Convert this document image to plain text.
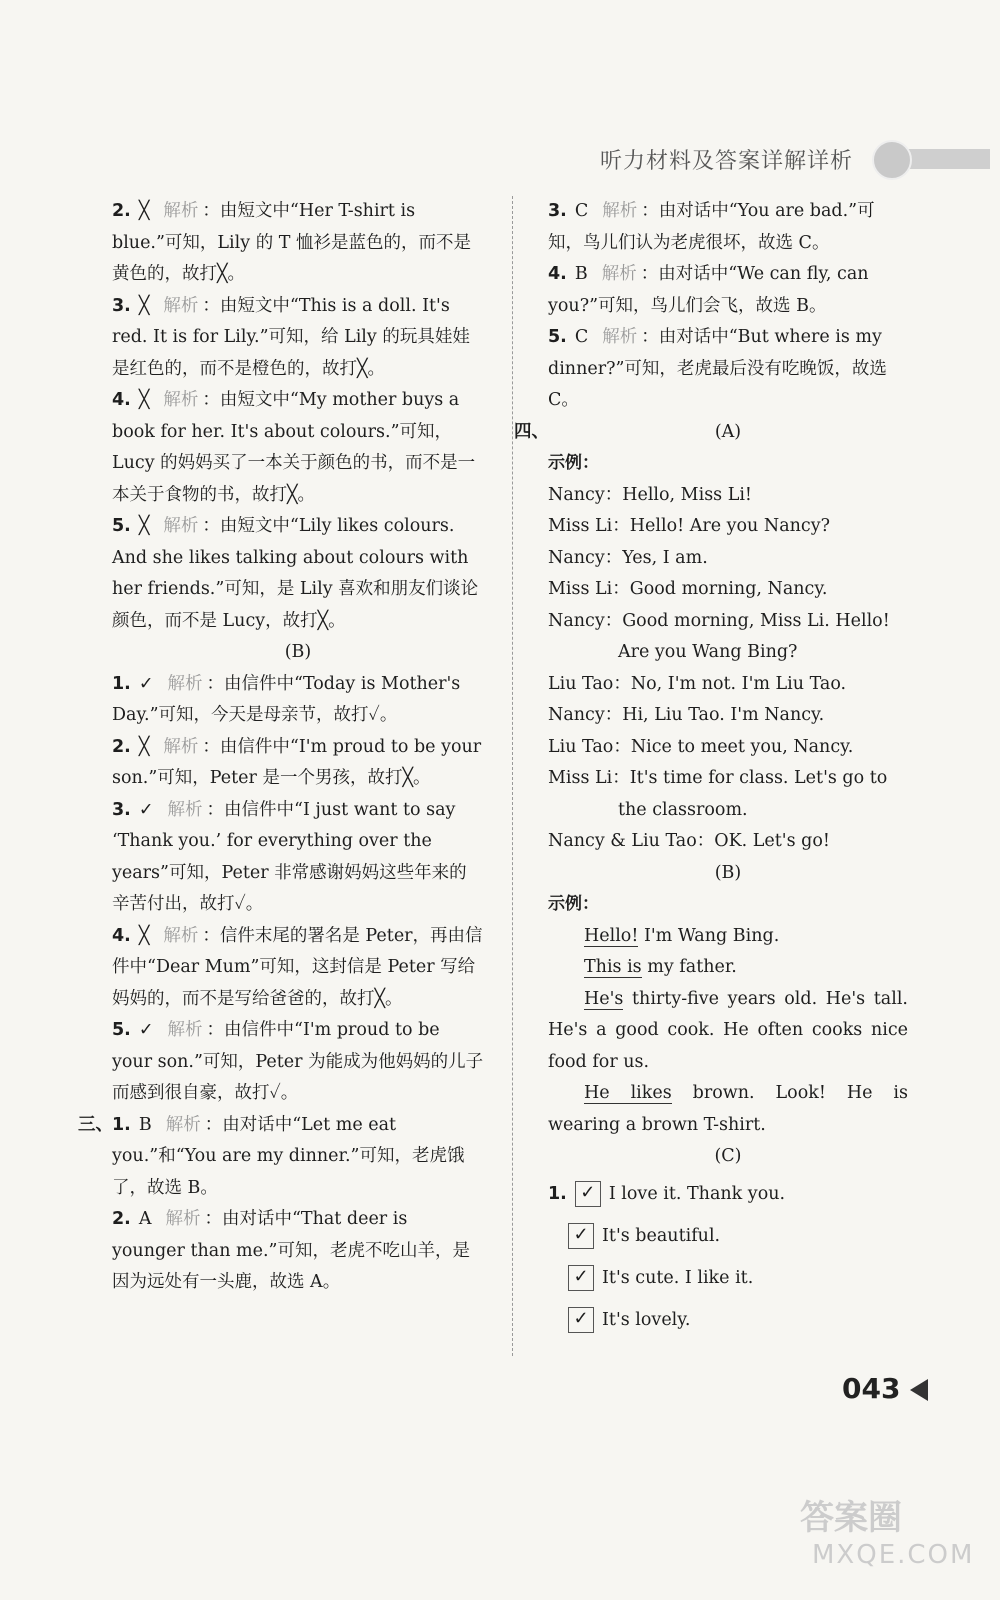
听力材料及答案详解详析

2. ╳ 解析 ：由短文中“Her T-shirt is blue.”可知，Lily 的 T 恤衫是蓝色的，而不是黄色的，故打╳。

3. ╳ 解析 ：由短文中“This is a doll. It's red. It is for Lily.”可知，给 Lily 的玩具娃娃是红色的，而不是橙色的，故打╳。

4. ╳ 解析 ：由短文中“My mother buys a book for her. It's about colours.”可知，Lucy 的妈妈买了一本关于颜色的书，而不是一本关于食物的书，故打╳。

5. ╳ 解析 ：由短文中“Lily likes colours. And she likes talking about colours with her friends.”可知，是 Lily 喜欢和朋友们谈论颜色，而不是 Lucy，故打╳。

(B)

1. ✓ 解析 ：由信件中“Today is Mother's Day.”可知，今天是母亲节，故打✓。

2. ╳ 解析 ：由信件中“I'm proud to be your son.”可知，Peter 是一个男孩，故打╳。

3. ✓ 解析 ：由信件中“I just want to say ‘Thank you.’ for everything over the years”可知，Peter 非常感谢妈妈这些年来的辛苦付出，故打✓。

4. ╳ 解析 ：信件末尾的署名是 Peter，再由信件中“Dear Mum”可知，这封信是 Peter 写给妈妈的，而不是写给爸爸的，故打╳。

5. ✓ 解析 ：由信件中“I'm proud to be your son.”可知，Peter 为能成为他妈妈的儿子而感到很自豪，故打✓。

三、 1. B 解析 ：由对话中“Let me eat you.”和“You are my dinner.”可知，老虎饿了，故选 B。

2. A 解析 ：由对话中“That deer is younger than me.”可知，老虎不吃山羊，是因为远处有一头鹿，故选 A。

3. C 解析 ：由对话中“You are bad.”可知，鸟儿们认为老虎很坏，故选 C。

4. B 解析 ：由对话中“We can fly, can you?”可知，鸟儿们会飞，故选 B。

5. C 解析 ：由对话中“But where is my dinner?”可知，老虎最后没有吃晚饭，故选 C。

四、	(A)

示例：
Nancy：Hello, Miss Li!
Miss Li：Hello! Are you Nancy?
Nancy：Yes, I am.
Miss Li：Good morning, Nancy.
Nancy：Good morning, Miss Li. Hello!
Are you Wang Bing?
Liu Tao：No, I'm not. I'm Liu Tao.
Nancy：Hi, Liu Tao. I'm Nancy.
Liu Tao：Nice to meet you, Nancy.
Miss Li：It's time for class. Let's go to
the classroom.
Nancy & Liu Tao：OK. Let's go!

(B)

示例：
Hello! I'm Wang Bing.
This is my father.
He's thirty-five years old. He's tall. He's a good cook. He often cooks nice food for us.
He likes brown. Look! He is wearing a brown T-shirt.

(C)

1. ✓ I love it. Thank you.
✓ It's beautiful.
✓ It's cute. I like it.
✓ It's lovely.
043
答案圈
MXQE.COM
